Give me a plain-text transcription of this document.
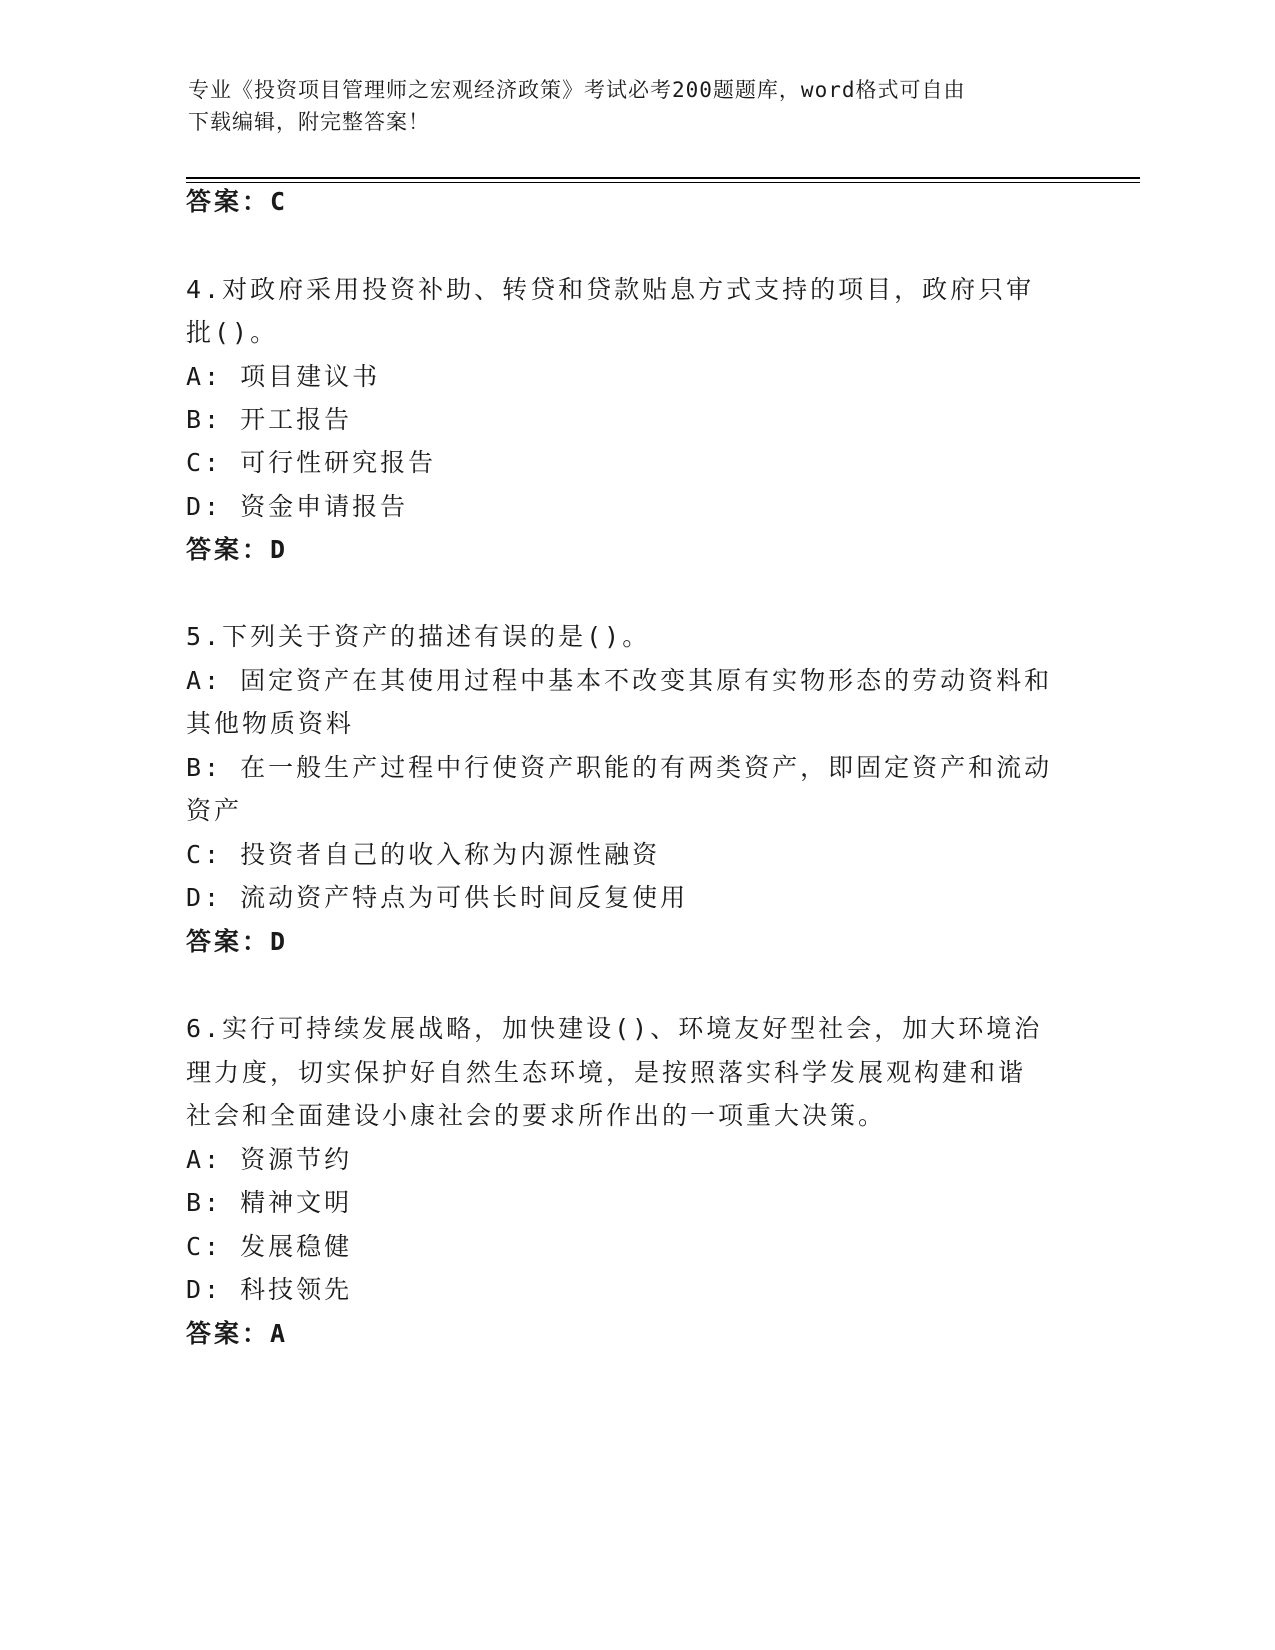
专业《投资项目管理师之宏观经济政策》考试必考200题题库，word格式可自由
下载编辑，附完整答案！
答案：C
4.对政府采用投资补助、转贷和贷款贴息方式支持的项目，政府只审
批()。
A: 项目建议书
B: 开工报告
C: 可行性研究报告
D: 资金申请报告
答案：D
5.下列关于资产的描述有误的是()。
A: 固定资产在其使用过程中基本不改变其原有实物形态的劳动资料和
其他物质资料
B: 在一般生产过程中行使资产职能的有两类资产，即固定资产和流动
资产
C: 投资者自己的收入称为内源性融资
D: 流动资产特点为可供长时间反复使用
答案：D
6.实行可持续发展战略，加快建设()、环境友好型社会，加大环境治
理力度，切实保护好自然生态环境，是按照落实科学发展观构建和谐
社会和全面建设小康社会的要求所作出的一项重大决策。
A: 资源节约
B: 精神文明
C: 发展稳健
D: 科技领先
答案：A
